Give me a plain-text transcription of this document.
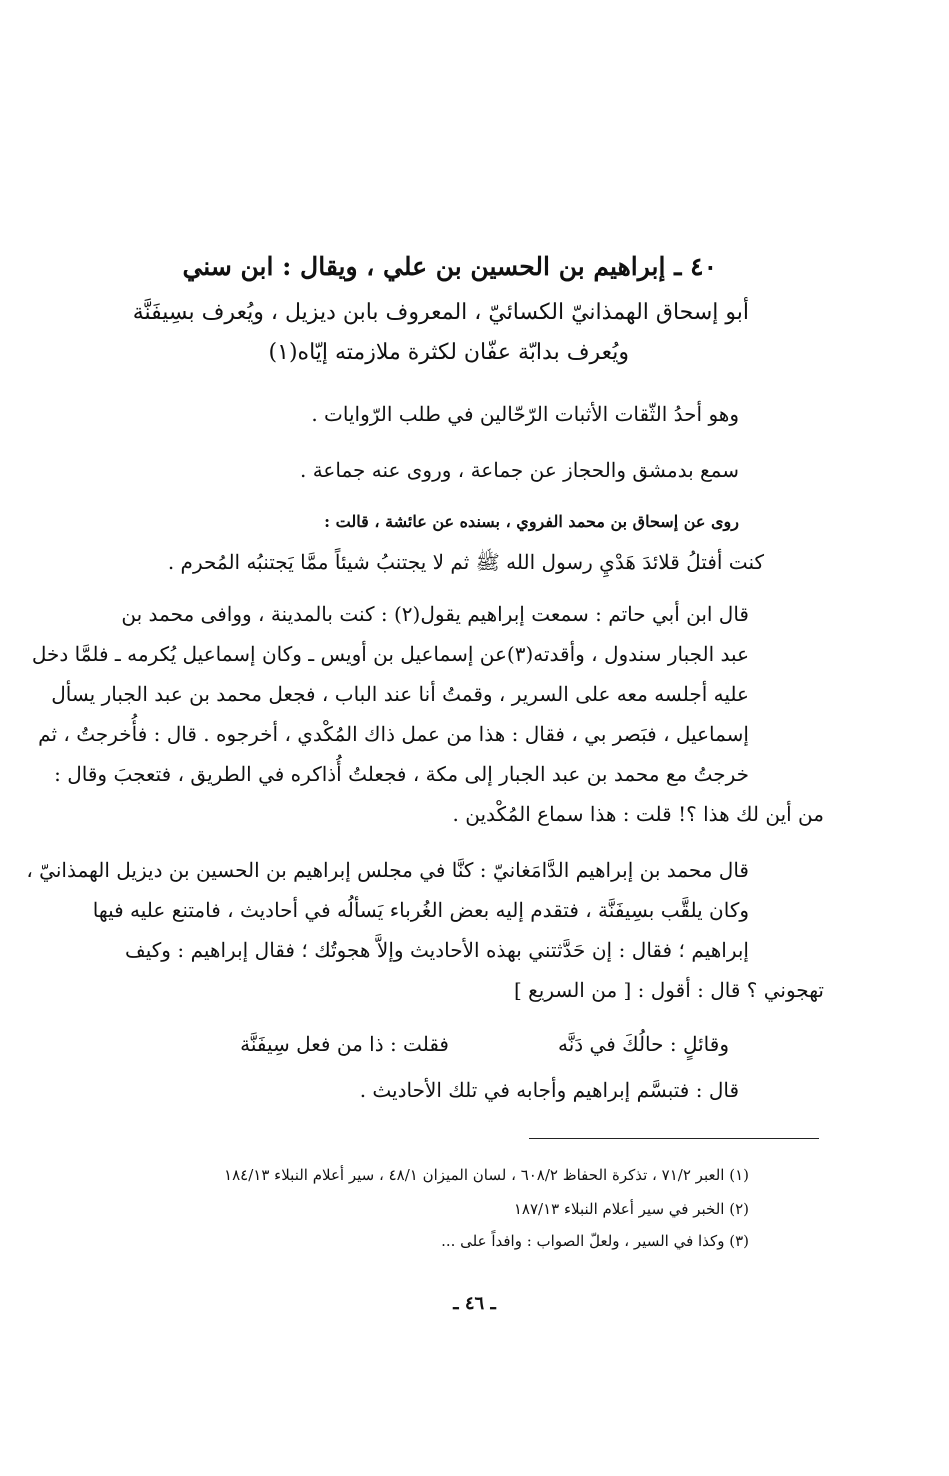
٤٠ ـ إبراهيم بن الحسين بن علي ، ويقال : ابن سني
أبو إسحاق الهمذانيّ الكسائيّ ، المعروف بابن ديزيل ، ويُعرف بسِيفَنَّة
ويُعرف بدابّة عفّان لكثرة ملازمته إيّاه(١)
وهو أحدُ الثّقات الأثبات الرّحّالين في طلب الرّوايات .
سمع بدمشق والحجاز عن جماعة ، وروى عنه جماعة .
روى عن إسحاق بن محمد الفروي ، بسنده عن عائشة ، قالت :
كنت أفتلُ قلائدَ هَدْيِ رسول الله ﷺ ثم لا يجتنبُ شيئاً ممَّا يَجتنبُه المُحرم .
قال ابن أبي حاتم : سمعت إبراهيم يقول(٢) : كنت بالمدينة ، ووافى محمد بن
عبد الجبار سندول ، وأقدته(٣)عن إسماعيل بن أويس ـ وكان إسماعيل يُكرمه ـ فلمَّا دخل
عليه أجلسه معه على السرير ، وقمتُ أنا عند الباب ، فجعل محمد بن عبد الجبار يسأل
إسماعيل ، فبَصر بي ، فقال : هذا من عمل ذاك المُكْدي ، أخرجوه . قال : فأُخرجتُ ، ثم
خرجتُ مع محمد بن عبد الجبار إلى مكة ، فجعلتُ أُذاكره في الطريق ، فتعجبَ وقال :
من أين لك هذا ؟! قلت : هذا سماع المُكْدين .
قال محمد بن إبراهيم الدَّامَغانيّ : كنَّا في مجلس إبراهيم بن الحسين بن ديزيل الهمذانيّ ،
وكان يلقَّب بسِيفَنَّة ، فتقدم إليه بعض الغُرباء يَسألُه في أحاديث ، فامتنع عليه فيها
إبراهيم ؛ فقال : إن حَدَّثتني بهذه الأحاديث وإلاَّ هجوتُك ؛ فقال إبراهيم : وكيف
تهجوني ؟ قال : أقول : [ من السريع ]
وقائلٍ : حالُكَ في دَنَّه
فقلت : ذا من فعل سِيفَنَّة
قال : فتبسَّم إبراهيم وأجابه في تلك الأحاديث .
(١) العبر ٧١/٢ ، تذكرة الحفاظ ٦٠٨/٢ ، لسان الميزان ٤٨/١ ، سير أعلام النبلاء ١٨٤/١٣
(٢) الخبر في سير أعلام النبلاء ١٨٧/١٣
(٣) وكذا في السير ، ولعلّ الصواب : وافداً على ...
ـ ٤٦ ـ
